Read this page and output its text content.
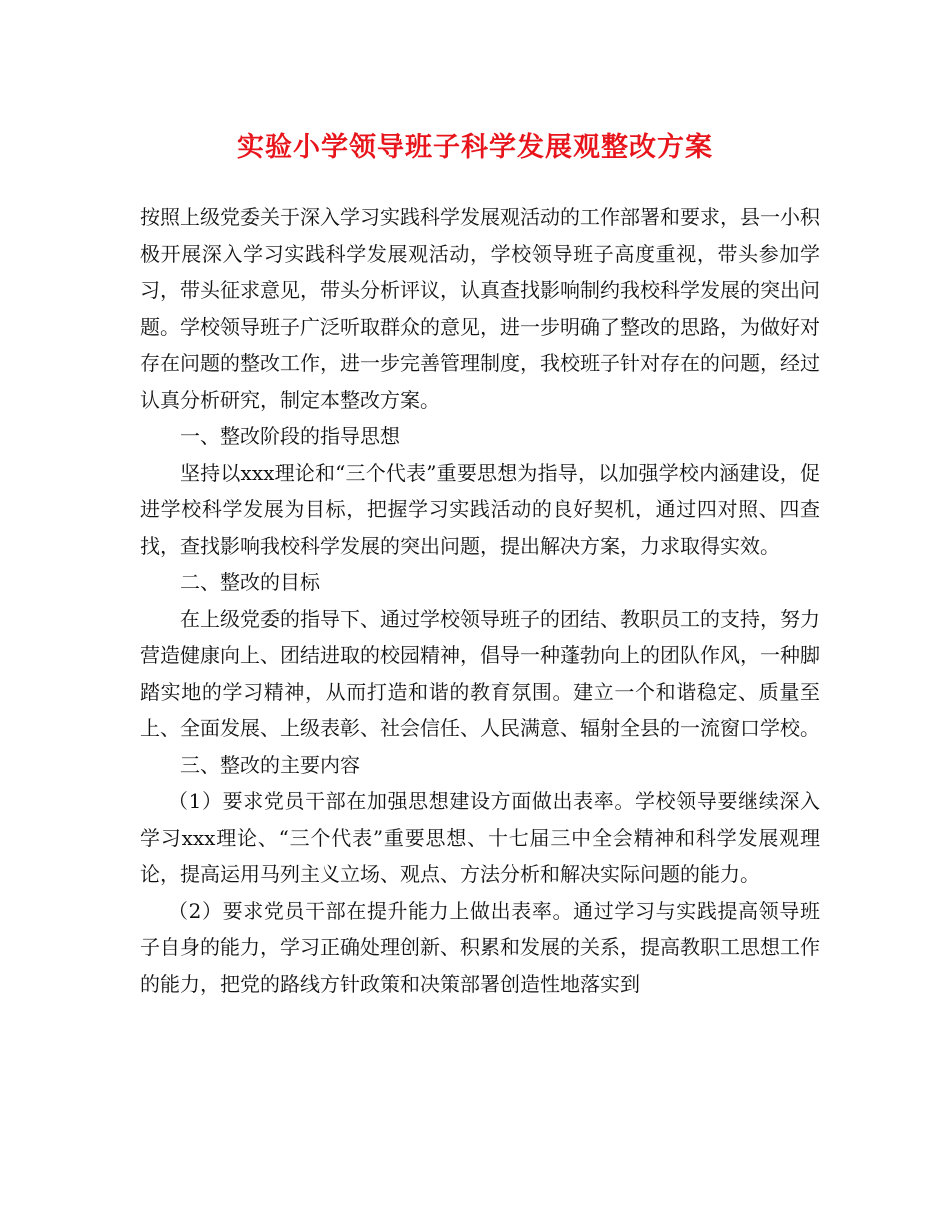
实验小学领导班子科学发展观整改方案

按照上级党委关于深入学习实践科学发展观活动的工作部署和要求，县一小积极开展深入学习实践科学发展观活动，学校领导班子高度重视，带头参加学习，带头征求意见，带头分析评议，认真查找影响制约我校科学发展的突出问题。学校领导班子广泛听取群众的意见，进一步明确了整改的思路，为做好对存在问题的整改工作，进一步完善管理制度，我校班子针对存在的问题，经过认真分析研究，制定本整改方案。

一、整改阶段的指导思想

坚持以xxx理论和“三个代表”重要思想为指导，以加强学校内涵建设，促进学校科学发展为目标，把握学习实践活动的良好契机，通过四对照、四查找，查找影响我校科学发展的突出问题，提出解决方案，力求取得实效。

二、整改的目标

在上级党委的指导下、通过学校领导班子的团结、教职员工的支持，努力营造健康向上、团结进取的校园精神，倡导一种蓬勃向上的团队作风，一种脚踏实地的学习精神，从而打造和谐的教育氛围。建立一个和谐稳定、质量至上、全面发展、上级表彰、社会信任、人民满意、辐射全县的一流窗口学校。

三、整改的主要内容

（1）要求党员干部在加强思想建设方面做出表率。学校领导要继续深入学习xxx理论、“三个代表”重要思想、十七届三中全会精神和科学发展观理论，提高运用马列主义立场、观点、方法分析和解决实际问题的能力。

（2）要求党员干部在提升能力上做出表率。通过学习与实践提高领导班子自身的能力，学习正确处理创新、积累和发展的关系，提高教职工思想工作的能力，把党的路线方针政策和决策部署创造性地落实到
